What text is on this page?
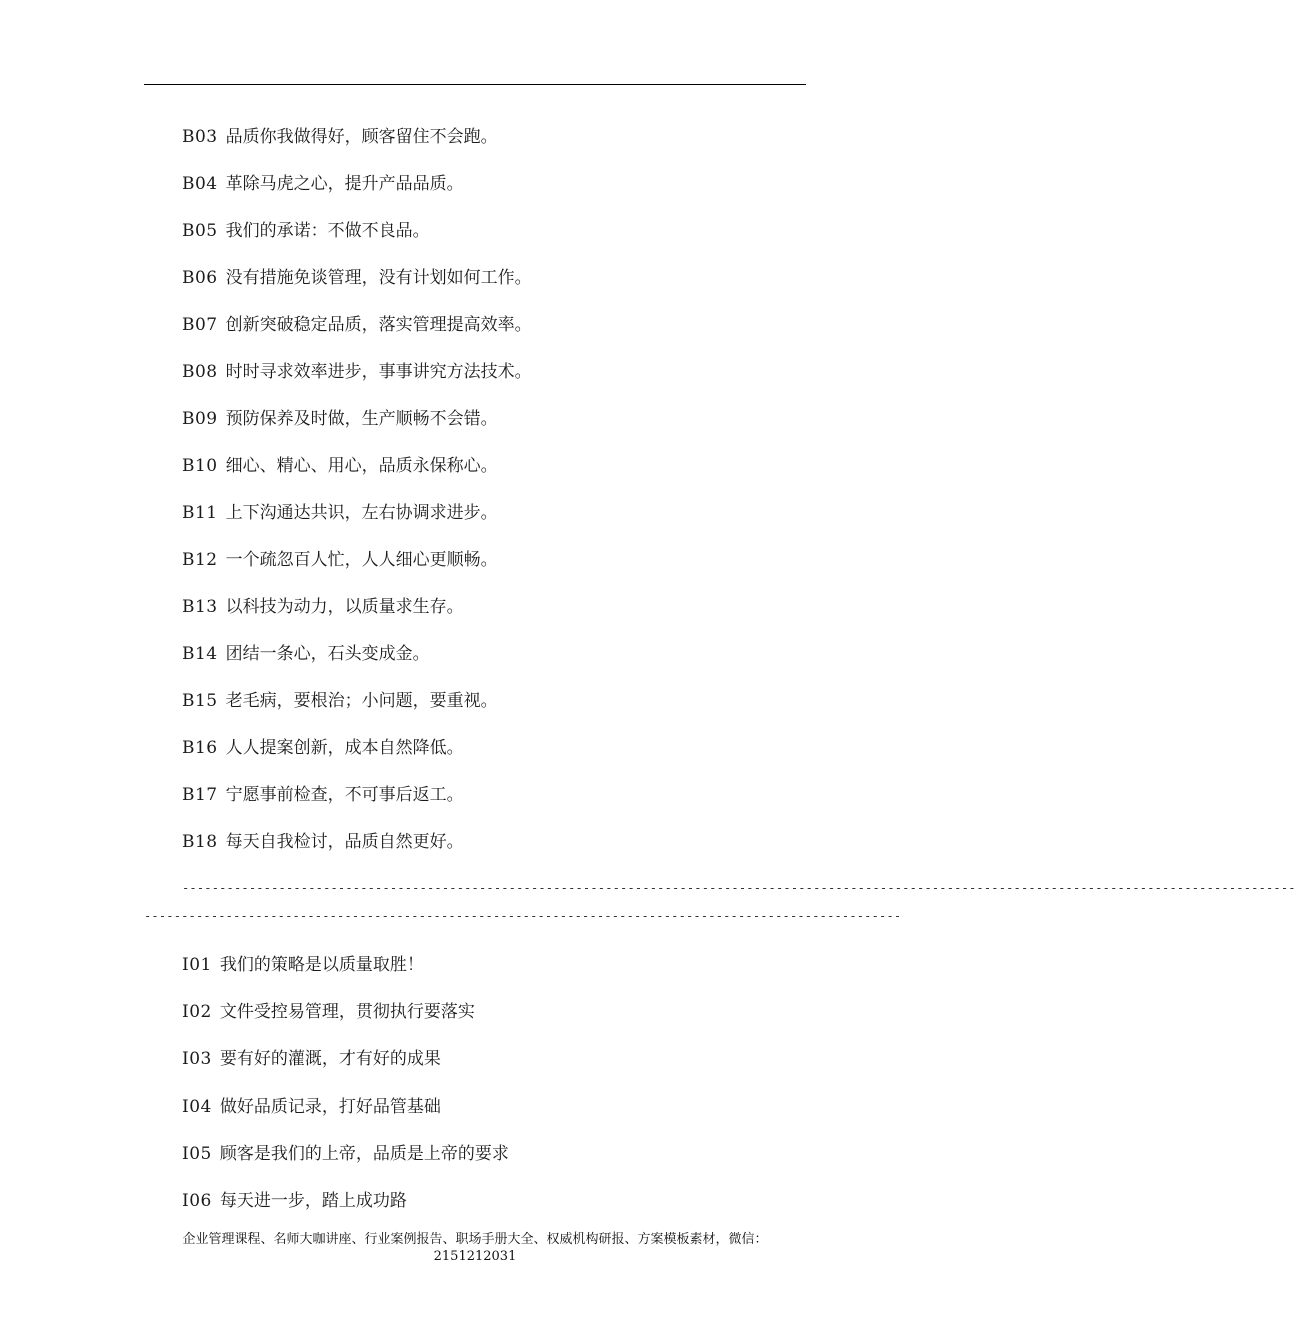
B03 品质你我做得好，顾客留住不会跑。
B04 革除马虎之心，提升产品品质。
B05 我们的承诺：不做不良品。
B06 没有措施免谈管理，没有计划如何工作。
B07 创新突破稳定品质，落实管理提高效率。
B08 时时寻求效率进步，事事讲究方法技术。
B09 预防保养及时做，生产顺畅不会错。
B10 细心、精心、用心，品质永保称心。
B11 上下沟通达共识，左右协调求进步。
B12 一个疏忽百人忙，人人细心更顺畅。
B13 以科技为动力，以质量求生存。
B14 团结一条心，石头变成金。
B15 老毛病，要根治；小问题，要重视。
B16 人人提案创新，成本自然降低。
B17 宁愿事前检查，不可事后返工。
B18 每天自我检讨，品质自然更好。
------------------------------------------------------------------------------------------------------------------------------------------------------
------------------------------------------------------------------------------------------------------
I01 我们的策略是以质量取胜！
I02 文件受控易管理，贯彻执行要落实
I03 要有好的灌溉，才有好的成果
I04 做好品质记录，打好品管基础
I05 顾客是我们的上帝，品质是上帝的要求
I06 每天进一步，踏上成功路
企业管理课程、名师大咖讲座、行业案例报告、职场手册大全、权威机构研报、方案模板素材，微信：
2151212031
